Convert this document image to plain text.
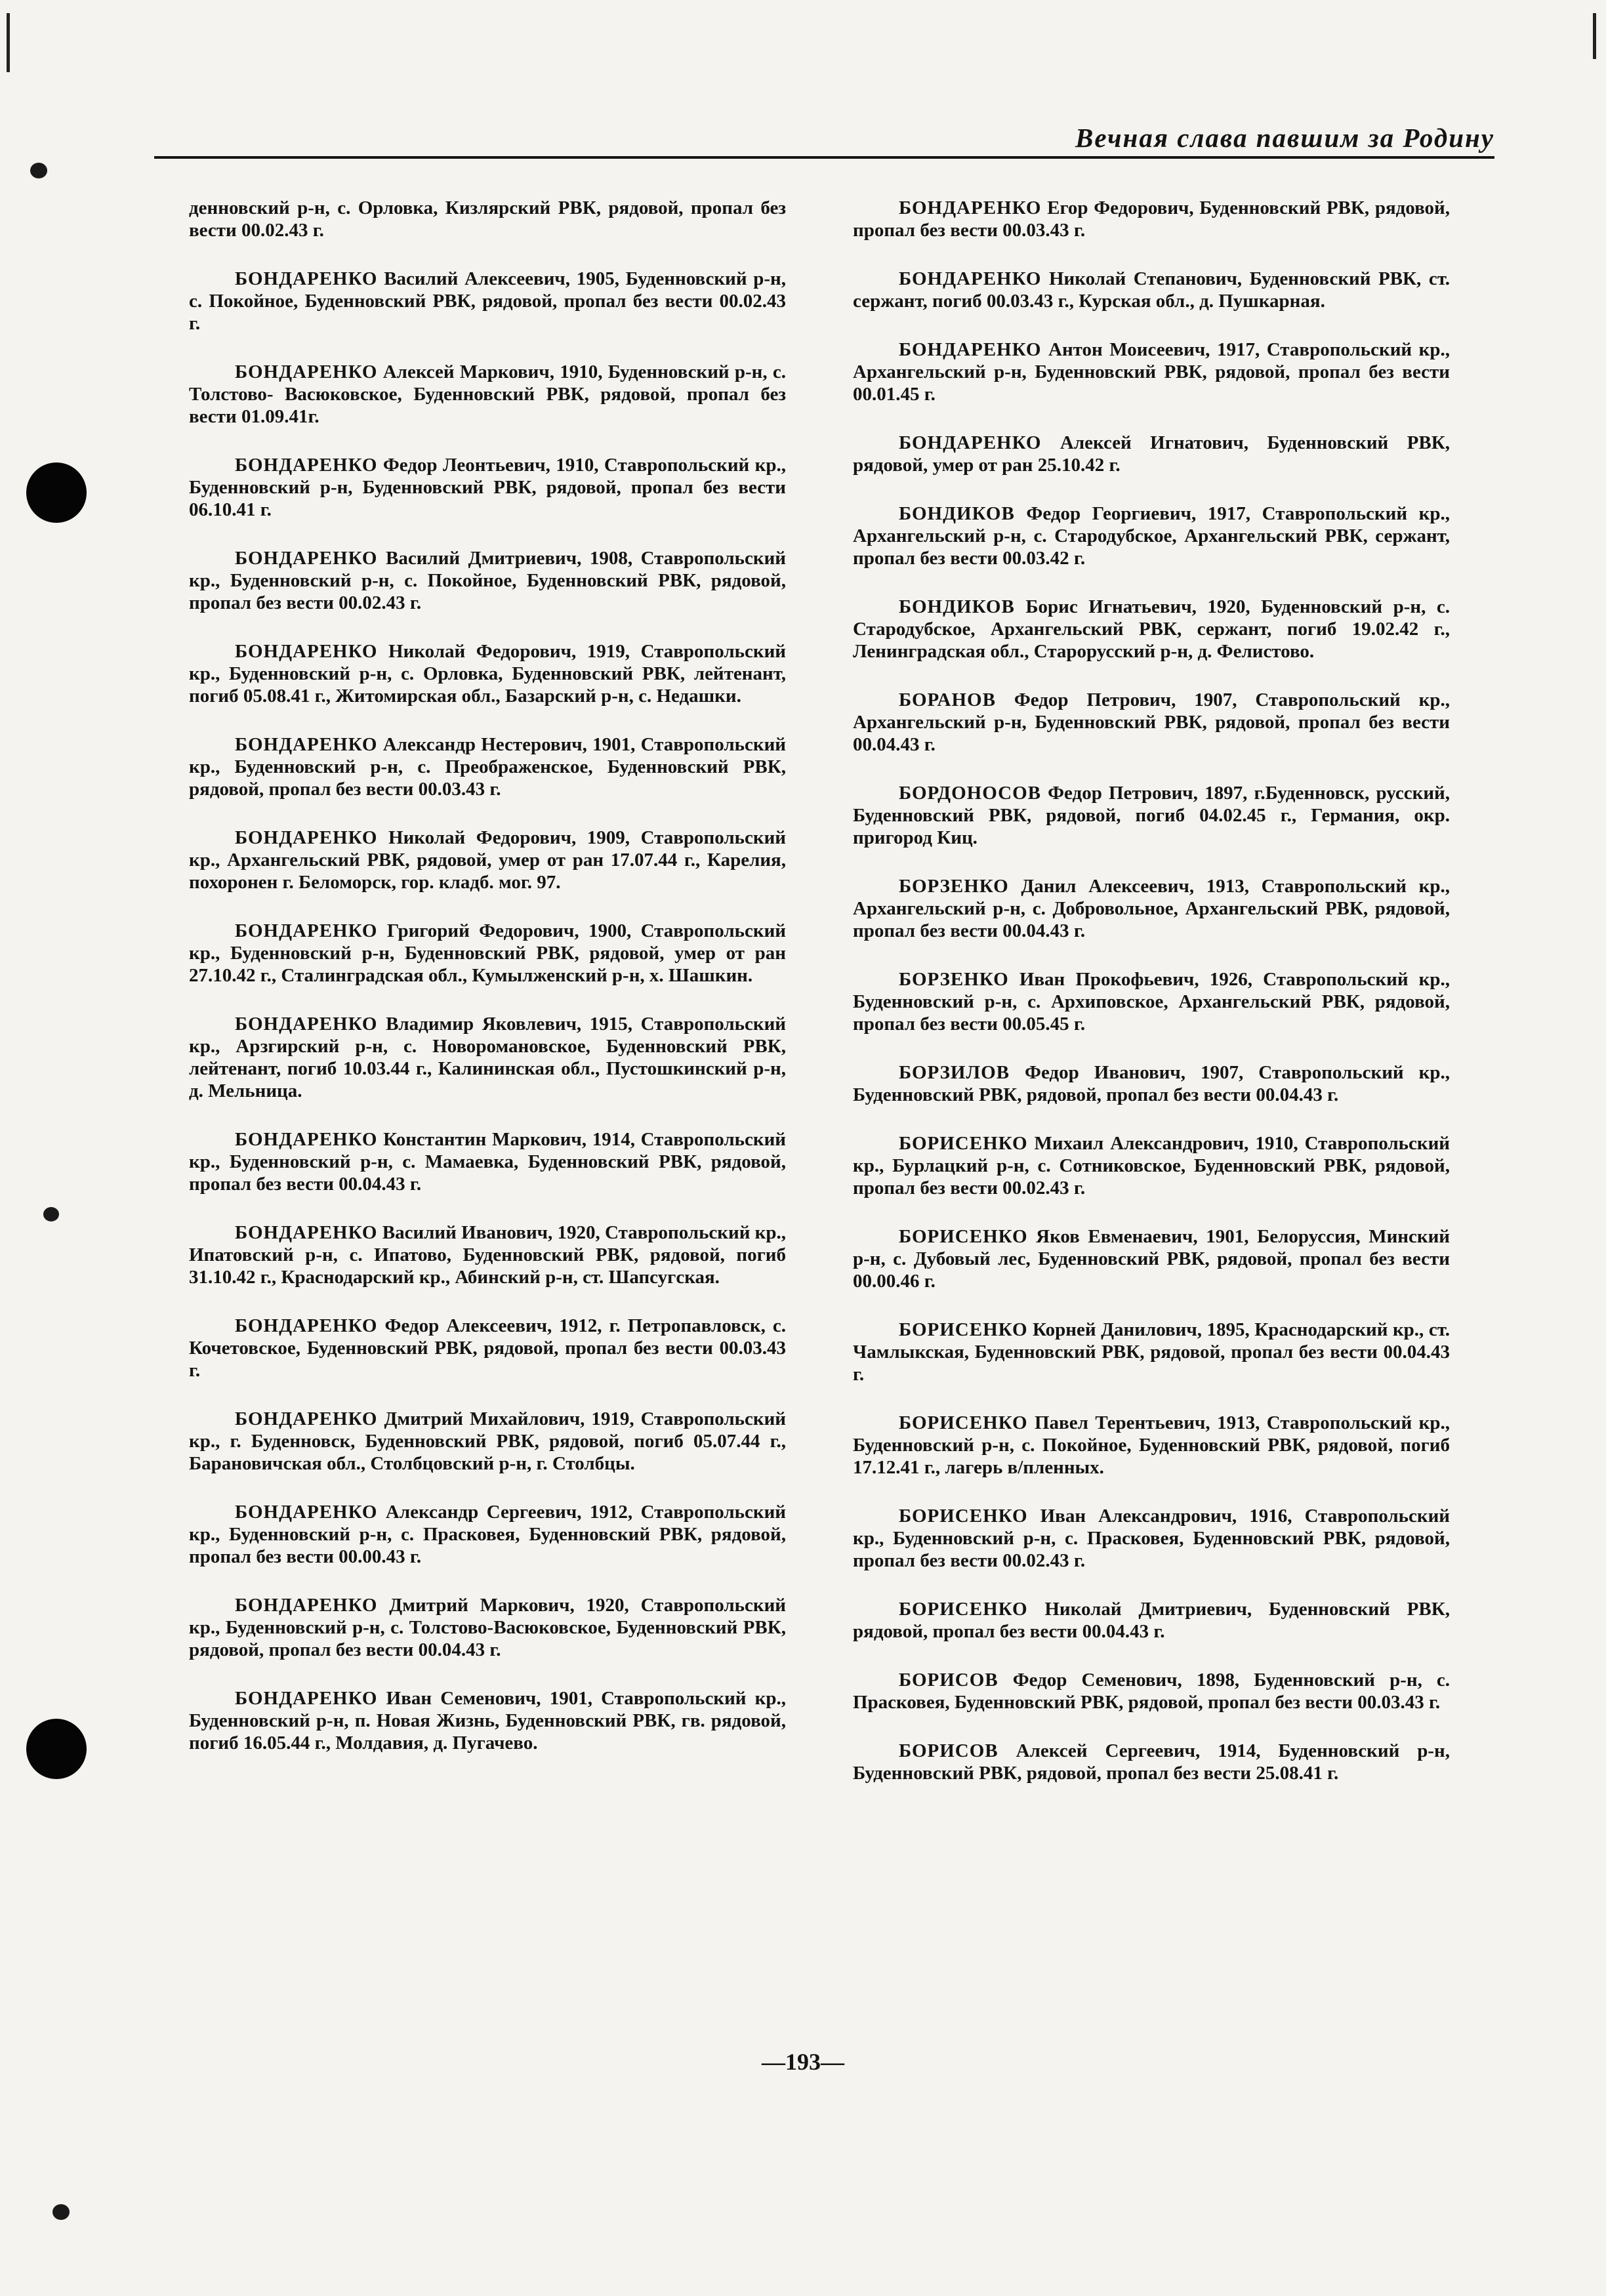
Вечная слава павшим за Родину

денновский р-н, с. Орловка, Кизлярский РВК, рядовой, пропал без вести 00.02.43 г.

БОНДАРЕНКО Василий Алексеевич, 1905, Буденновский р-н, с. Покойное, Буденновский РВК, рядовой, пропал без вести 00.02.43 г.

БОНДАРЕНКО Алексей Маркович, 1910, Буденновский р-н, с. Толстово- Васюковское, Буденновский РВК, рядовой, пропал без вести 01.09.41г.

БОНДАРЕНКО Федор Леонтьевич, 1910, Ставропольский кр., Буденновский р-н, Буденновский РВК, рядовой, пропал без вести 06.10.41 г.

БОНДАРЕНКО Василий Дмитриевич, 1908, Ставропольский кр., Буденновский р-н, с. Покойное, Буденновский РВК, рядовой, пропал без вести 00.02.43 г.

БОНДАРЕНКО Николай Федорович, 1919, Ставропольский кр., Буденновский р-н, с. Орловка, Буденновский РВК, лейтенант, погиб 05.08.41 г., Житомирская обл., Базарский р-н, с. Недашки.

БОНДАРЕНКО Александр Нестерович, 1901, Ставропольский кр., Буденновский р-н, с. Преображенское, Буденновский РВК, рядовой, пропал без вести 00.03.43 г.

БОНДАРЕНКО Николай Федорович, 1909, Ставропольский кр., Архангельский РВК, рядовой, умер от ран 17.07.44 г., Карелия, похоронен г. Беломорск, гор. кладб. мог. 97.

БОНДАРЕНКО Григорий Федорович, 1900, Ставропольский кр., Буденновский р-н, Буденновский РВК, рядовой, умер от ран 27.10.42 г., Сталинградская обл., Кумылженский р-н, х. Шашкин.

БОНДАРЕНКО Владимир Яковлевич, 1915, Ставропольский кр., Арзгирский р-н, с. Новоромановское, Буденновский РВК, лейтенант, погиб 10.03.44 г., Калининская обл., Пустошкинский р-н, д. Мельница.

БОНДАРЕНКО Константин Маркович, 1914, Ставропольский кр., Буденновский р-н, с. Мамаевка, Буденновский РВК, рядовой, пропал без вести 00.04.43 г.

БОНДАРЕНКО Василий Иванович, 1920, Ставропольский кр., Ипатовский р-н, с. Ипатово, Буденновский РВК, рядовой, погиб 31.10.42 г., Краснодарский кр., Абинский р-н, ст. Шапсугская.

БОНДАРЕНКО Федор Алексеевич, 1912, г. Петропавловск, с. Кочетовское, Буденновский РВК, рядовой, пропал без вести 00.03.43 г.

БОНДАРЕНКО Дмитрий Михайлович, 1919, Ставропольский кр., г. Буденновск, Буденновский РВК, рядовой, погиб 05.07.44 г., Барановичская обл., Столбцовский р-н, г. Столбцы.

БОНДАРЕНКО Александр Сергеевич, 1912, Ставропольский кр., Буденновский р-н, с. Прасковея, Буденновский РВК, рядовой, пропал без вести 00.00.43 г.

БОНДАРЕНКО Дмитрий Маркович, 1920, Ставропольский кр., Буденновский р-н, с. Толстово-Васюковское, Буденновский РВК, рядовой, пропал без вести 00.04.43 г.

БОНДАРЕНКО Иван Семенович, 1901, Ставропольский кр., Буденновский р-н, п. Новая Жизнь, Буденновский РВК, гв. рядовой, погиб 16.05.44 г., Молдавия, д. Пугачево.

БОНДАРЕНКО Егор Федорович, Буденновский РВК, рядовой, пропал без вести 00.03.43 г.

БОНДАРЕНКО Николай Степанович, Буденновский РВК, ст. сержант, погиб 00.03.43 г., Курская обл., д. Пушкарная.

БОНДАРЕНКО Антон Моисеевич, 1917, Ставропольский кр., Архангельский р-н, Буденновский РВК, рядовой, пропал без вести 00.01.45 г.

БОНДАРЕНКО Алексей Игнатович, Буденновский РВК, рядовой, умер от ран 25.10.42 г.

БОНДИКОВ Федор Георгиевич, 1917, Ставропольский кр., Архангельский р-н, с. Стародубское, Архангельский РВК, сержант, пропал без вести 00.03.42 г.

БОНДИКОВ Борис Игнатьевич, 1920, Буденновский р-н, с. Стародубское, Архангельский РВК, сержант, погиб 19.02.42 г., Ленинградская обл., Старорусский р-н, д. Фелистово.

БОРАНОВ Федор Петрович, 1907, Ставропольский кр., Архангельский р-н, Буденновский РВК, рядовой, пропал без вести 00.04.43 г.

БОРДОНОСОВ Федор Петрович, 1897, г.Буденновск, русский, Буденновский РВК, рядовой, погиб 04.02.45 г., Германия, окр. пригород Киц.

БОРЗЕНКО Данил Алексеевич, 1913, Ставропольский кр., Архангельский р-н, с. Добровольное, Архангельский РВК, рядовой, пропал без вести 00.04.43 г.

БОРЗЕНКО Иван Прокофьевич, 1926, Ставропольский кр., Буденновский р-н, с. Архиповское, Архангельский РВК, рядовой, пропал без вести 00.05.45 г.

БОРЗИЛОВ Федор Иванович, 1907, Ставропольский кр., Буденновский РВК, рядовой, пропал без вести 00.04.43 г.

БОРИСЕНКО Михаил Александрович, 1910, Ставропольский кр., Бурлацкий р-н, с. Сотниковское, Буденновский РВК, рядовой, пропал без вести 00.02.43 г.

БОРИСЕНКО Яков Евменаевич, 1901, Белоруссия, Минский р-н, с. Дубовый лес, Буденновский РВК, рядовой, пропал без вести 00.00.46 г.

БОРИСЕНКО Корней Данилович, 1895, Краснодарский кр., ст. Чамлыкская, Буденновский РВК, рядовой, пропал без вести 00.04.43 г.

БОРИСЕНКО Павел Терентьевич, 1913, Ставропольский кр., Буденновский р-н, с. Покойное, Буденновский РВК, рядовой, погиб 17.12.41 г., лагерь в/пленных.

БОРИСЕНКО Иван Александрович, 1916, Ставропольский кр., Буденновский р-н, с. Прасковея, Буденновский РВК, рядовой, пропал без вести 00.02.43 г.

БОРИСЕНКО Николай Дмитриевич, Буденновский РВК, рядовой, пропал без вести 00.04.43 г.

БОРИСОВ Федор Семенович, 1898, Буденновский р-н, с. Прасковея, Буденновский РВК, рядовой, пропал без вести 00.03.43 г.

БОРИСОВ Алексей Сергеевич, 1914, Буденновский р-н, Буденновский РВК, рядовой, пропал без вести 25.08.41 г.

—193—
